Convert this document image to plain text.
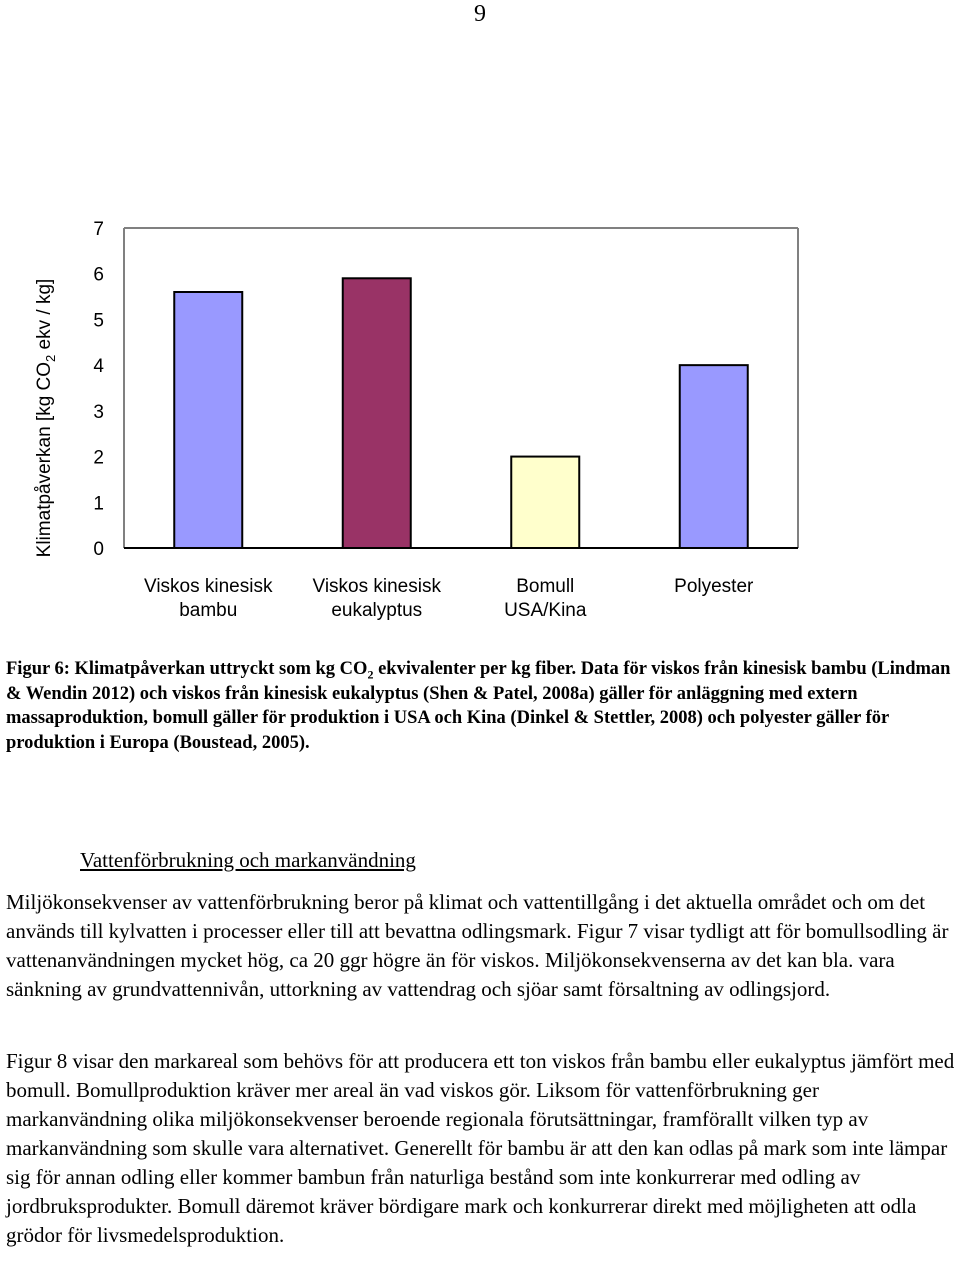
9
Klimatpåverkan [kg $CO_2$ ekv / kg]
0
1
2
3
4
5
6
7
Viskos kinesisk bambu
Viskos kinesisk eukalyptus
Bomull USA/Kina
Polyester

Figur 6: Klimatpåverkan uttryckt som kg $CO_2$ ekvivalenter per kg fiber. Data för viskos från kinesisk bambu (Lindman & Wendin 2012) och viskos från kinesisk eukalyptus (Shen & Patel, 2008a) gäller för anläggning med extern massaproduktion, bomull gäller för produktion i USA och Kina (Dinkel & Stettler, 2008) och polyester gäller för produktion i Europa (Boustead, 2005).

Vattenförbrukning och markanvändning

Miljökonsekvenser av vattenförbrukning beror på klimat och vattentillgång i det aktuella området och om det används till kylvatten i processer eller till att bevattna odlingsmark. Figur 7 visar tydligt att för bomullsodling är vattenanvändningen mycket hög, ca 20 ggr högre än för viskos. Miljökonsekvenserna av det kan bla. vara sänkning av grundvattennivån, uttorkning av vattendrag och sjöar samt försaltning av odlingsjord.

Figur 8 visar den markareal som behövs för att producera ett ton viskos från bambu eller eukalyptus jämfört med bomull. Bomullproduktion kräver mer areal än vad viskos gör. Liksom för vattenförbrukning ger markanvändning olika miljökonsekvenser beroende regionala förutsättningar, framförallt vilken typ av markanvändning som skulle vara alternativet. Generellt för bambu är att den kan odlas på mark som inte lämpar sig för annan odling eller kommer bambun från naturliga bestånd som inte konkurrerar med odling av jordbruksprodukter. Bomull däremot kräver bördigare mark och konkurrerar direkt med möjligheten att odla grödor för livsmedelsproduktion.
